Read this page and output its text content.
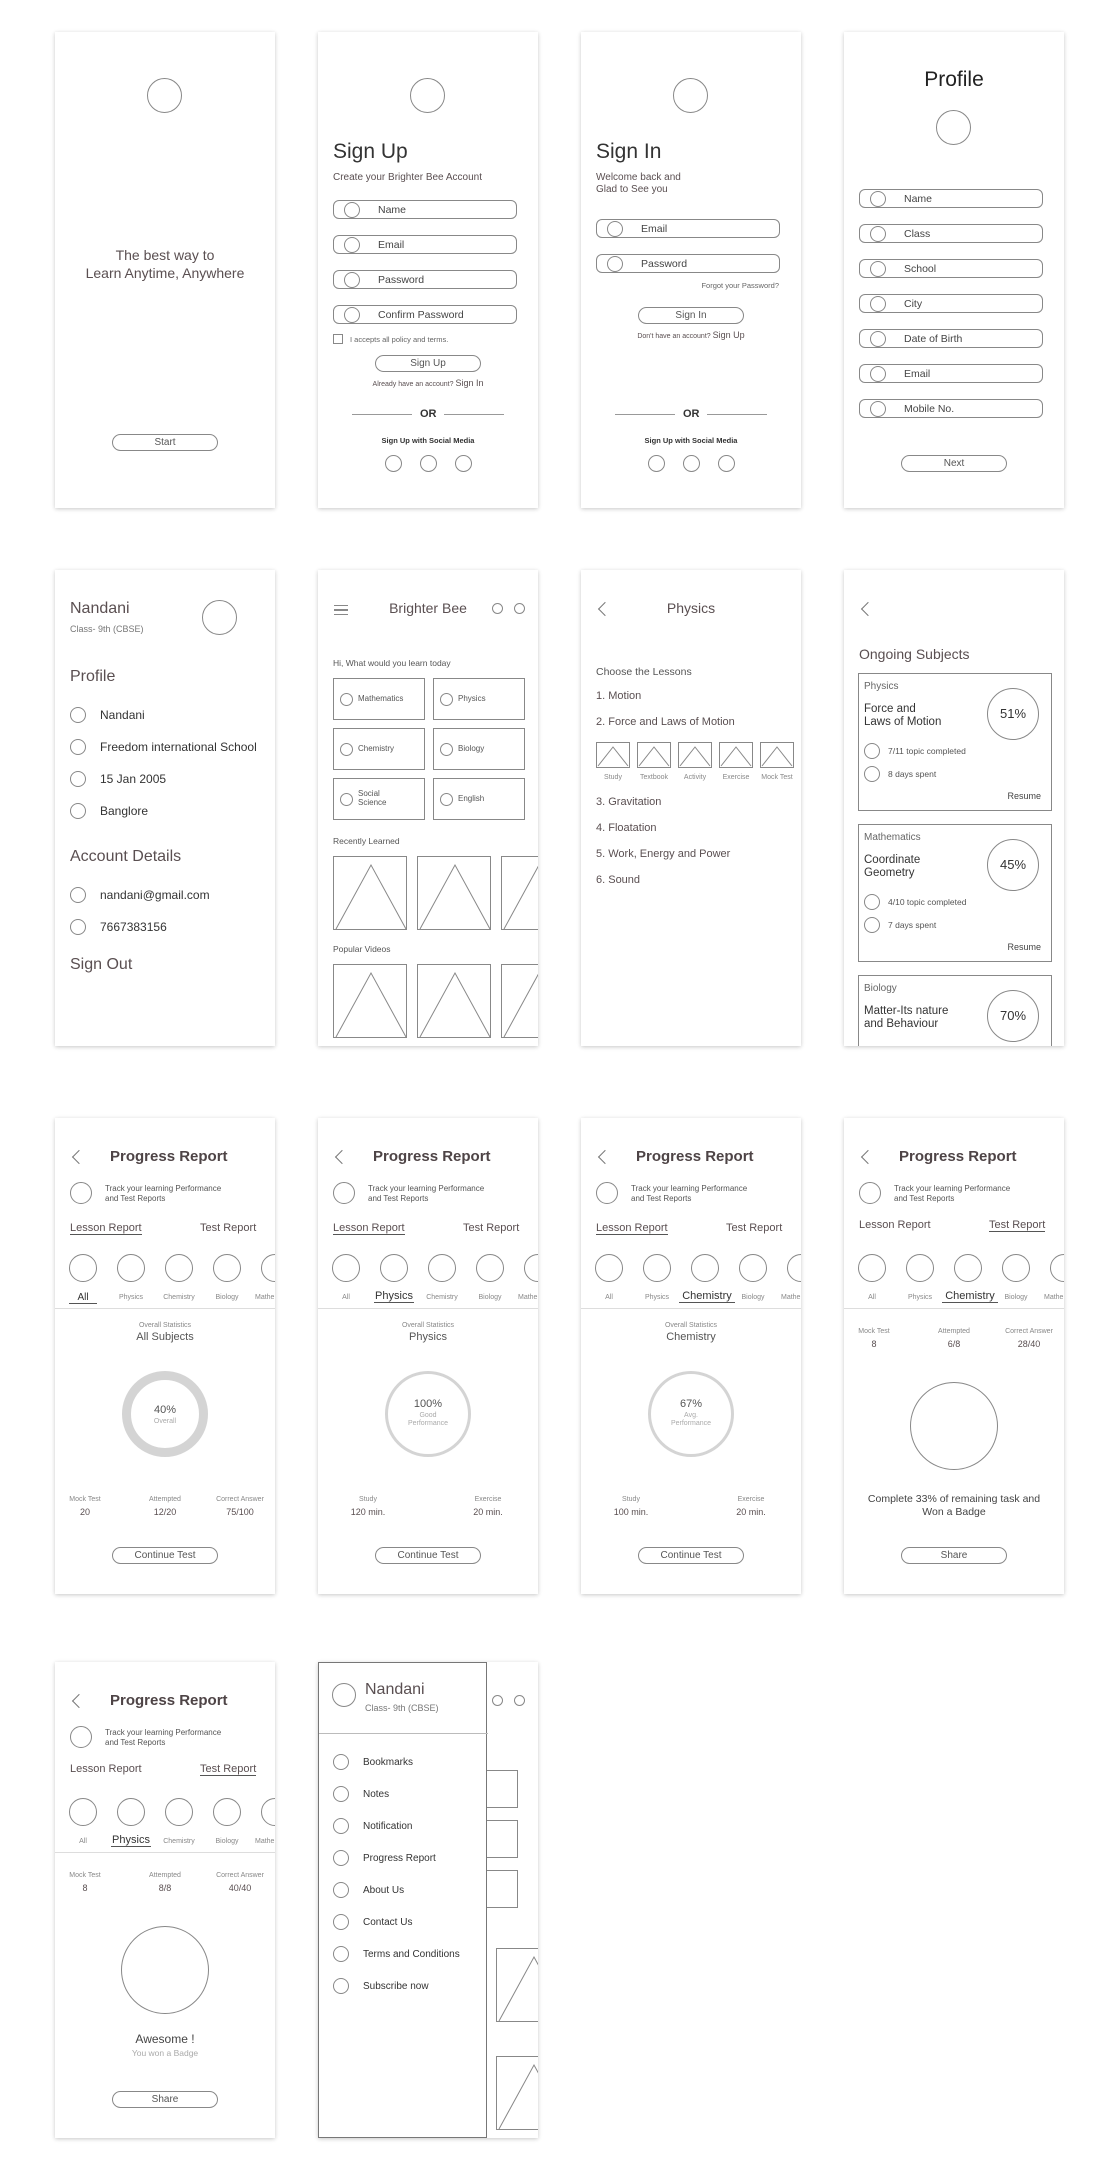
The best way to
Learn Anytime, Anywhere
Start
Sign Up
Create your Brighter Bee Account
Name
Email
Password
Confirm Password
I accepts all policy and terms.
Sign Up
Already have an account? Sign In
OR
Sign Up with Social Media
Sign In
Welcome back and
Glad to See you
Email
Password
Forgot your Password?
Sign In
Don't have an account? Sign Up
OR
Sign Up with Social Media
Profile
Name
Class
School
City
Date of Birth
Email
Mobile No.
Next
Nandani
Class- 9th (CBSE)
Profile
Nandani
Freedom international School
15 Jan 2005
Banglore
Account Details
nandani@gmail.com
7667383156
Sign Out
Brighter Bee
Hi, What would you learn today
Mathematics	Physics
Chemistry	Biology
Social Science	English
Recently Learned
Popular Videos
Physics
Choose the Lessons
1. Motion
2. Force and Laws of Motion
Study	Textbook	Activity	Exercise	Mock Test
3. Gravitation
4. Floatation
5. Work, Energy and Power
6. Sound
Ongoing Subjects
Physics
Force and
Laws of Motion
51%
7/11 topic completed
8 days spent
Resume
Mathematics
Coordinate
Geometry
45%
4/10 topic completed
7 days spent
Resume
Biology
Matter-Its nature
and Behaviour
70%
Progress Report
Track your learning Performance
and Test Reports
Lesson Report	Test Report
All	Physics	Chemistry	Biology	Mathe
Overall Statistics
All Subjects
40%
Overall
Mock Test
20
Attempted
12/20
Correct Answer
75/100
Continue Test
Progress Report
Track your learning Performance
and Test Reports
Lesson Report	Test Report
All	Physics	Chemistry	Biology	Mathe
Overall Statistics
Physics
100%
Good
Performance
Study
120 min.
Exercise
20 min.
Continue Test
Progress Report
Track your learning Performance
and Test Reports
Lesson Report	Test Report
All	Physics	Chemistry	Biology	Mathe
Overall Statistics
Chemistry
67%
Avg.
Performance
Study
100 min.
Exercise
20 min.
Continue Test
Progress Report
Track your learning Performance
and Test Reports
Lesson Report	Test Report
All	Physics	Chemistry	Biology	Mathe
Mock Test
8
Attempted
6/8
Correct Answer
28/40
Complete 33% of remaining task and
Won a Badge
Share
Progress Report
Track your learning Performance
and Test Reports
Lesson Report	Test Report
All	Physics	Chemistry	Biology	Mathe
Mock Test
8
Attempted
8/8
Correct Answer
40/40
Awesome !
You won a Badge
Share
Nandani
Class- 9th (CBSE)
Bookmarks
Notes
Notification
Progress Report
About Us
Contact Us
Terms and Conditions
Subscribe now
